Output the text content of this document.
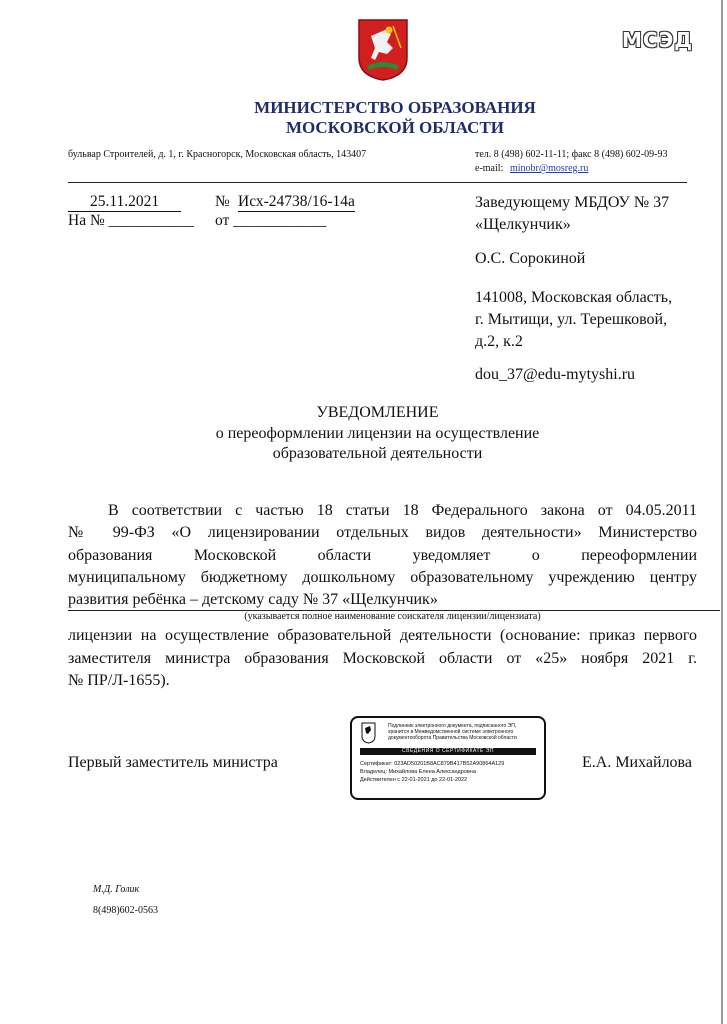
МСЭД
МИНИСТЕРСТВО ОБРАЗОВАНИЯ
МОСКОВСКОЙ ОБЛАСТИ
бульвар Строителей, д. 1, г. Красногорск, Московская область, 143407	тел. 8 (498) 602-11-11; факс 8 (498) 602-09-93
e-mail: minobr@mosreg.ru
25.11.2021	№ Исх-24738/16-14а
На № ___________ от ____________
Заведующему МБДОУ № 37
«Щелкунчик»
О.С. Сорокиной
141008, Московская область,
г. Мытищи, ул. Терешковой,
д.2, к.2
dou_37@edu-mytyshi.ru
УВЕДОМЛЕНИЕ
о переоформлении лицензии на осуществление
образовательной деятельности
В соответствии с частью 18 статьи 18 Федерального закона от 04.05.2011
№ 99-ФЗ «О лицензировании отдельных видов деятельности» Министерство
образования Московской области уведомляет о переоформлении
муниципальному бюджетному дошкольному образовательному учреждению центру
развития ребёнка – детскому саду № 37 «Щелкунчик»
(указывается полное наименование соискателя лицензии/лицензиата)
лицензии на осуществление образовательной деятельности (основание: приказ первого
заместителя министра образования Московской области от «25» ноября 2021 г.
№ ПР/Л-1655).
Первый заместитель министра	Е.А. Михайлова
Подлинник электронного документа, подписанного ЭП, хранится в Межведомственной системе электронного документооборота Правительства Московской области
СВЕДЕНИЯ О СЕРТИФИКАТЕ ЭП
Сертификат: 023AD50201B8AC879B417B52A90864A129
Владелец: Михайлова Елена Александровна
Действителен с 22-01-2021 до 22-01-2022
М.Д. Голик
8(498)602-0563
